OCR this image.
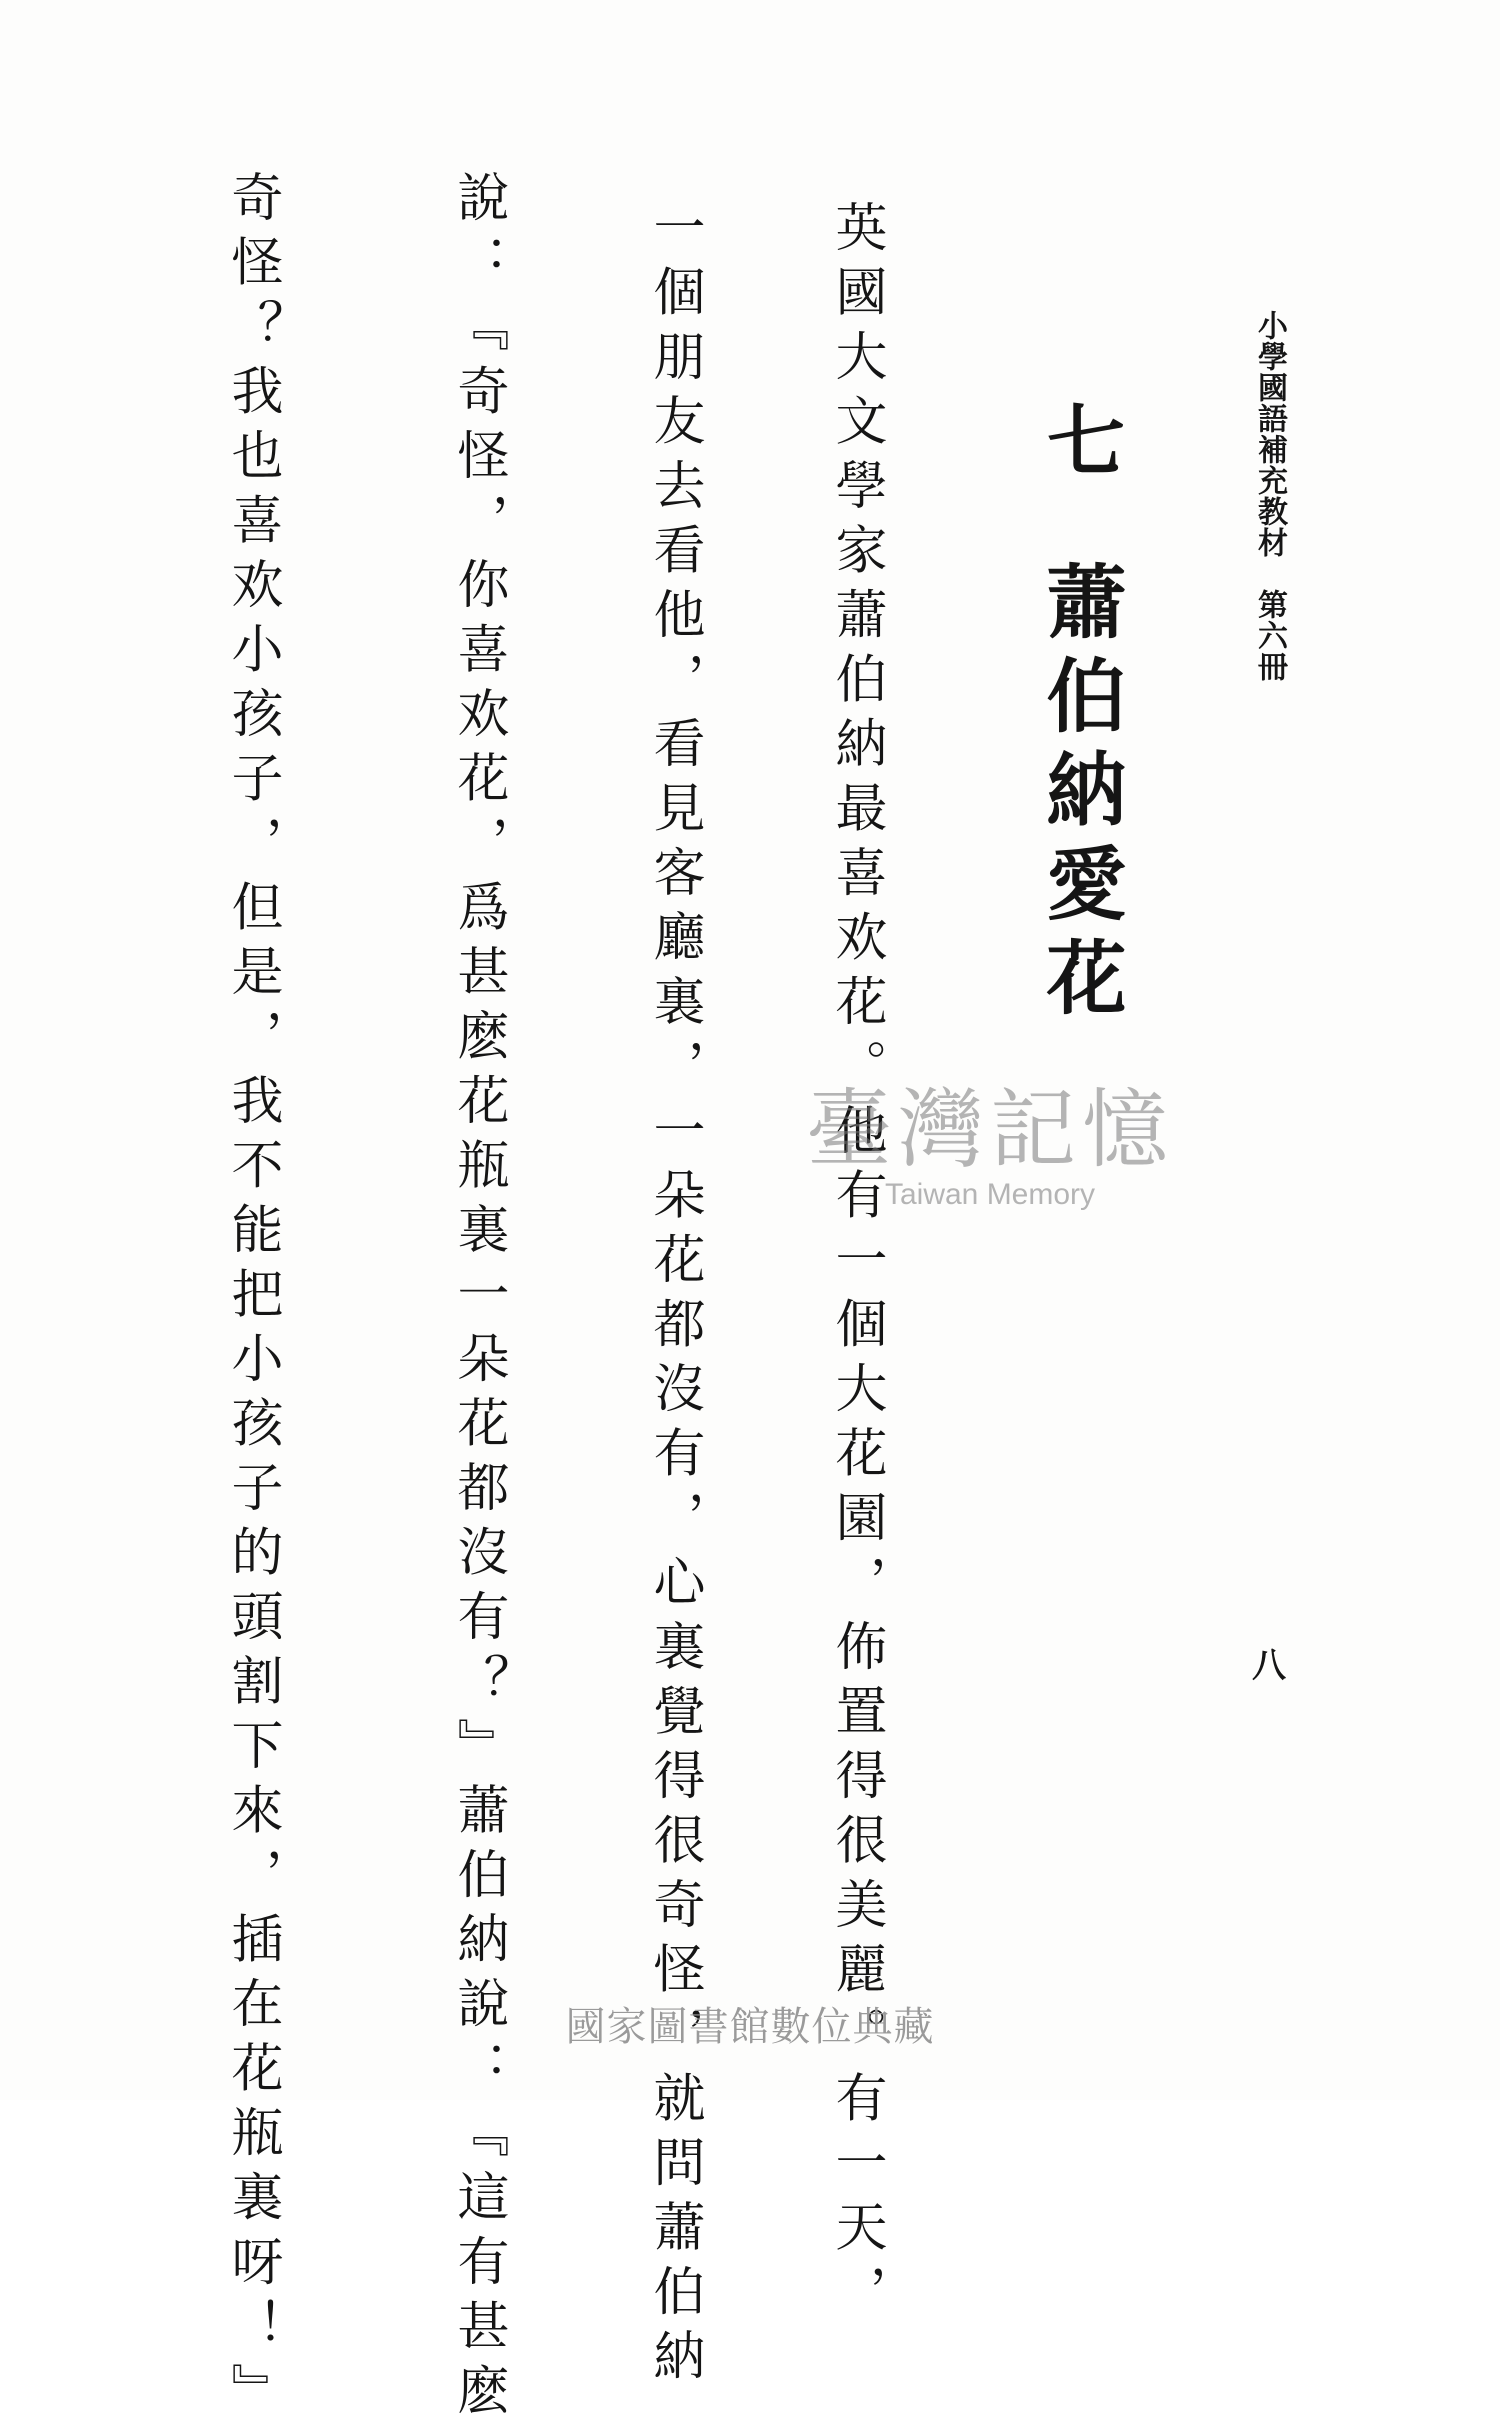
小學國語補充教材　第六冊
八
七
蕭伯納愛花
英國大文學家蕭伯納最喜欢花。他有一個大花園，佈置得很美麗。有一天，
一個朋友去看他，看見客廳裏，一朵花都沒有，心裏覺得很奇怪，就問蕭伯納
說：『奇怪，你喜欢花，爲甚麽花瓶裏一朵花都沒有？』蕭伯納說：『這有甚麽
奇怪？我也喜欢小孩子，但是，我不能把小孩子的頭割下來，插在花瓶裏呀！』	臺灣記憶
Taiwan Memory
國家圖書館數位典藏
